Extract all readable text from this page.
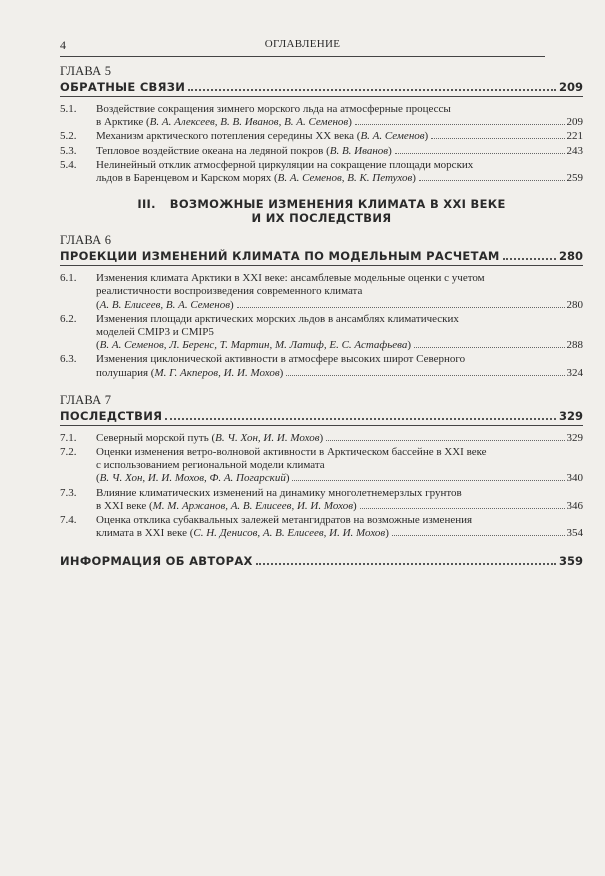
4	ОГЛАВЛЕНИЕ
ГЛАВА 5
ОБРАТНЫЕ СВЯЗИ	209
5.1.	Воздействие сокращения зимнего морского льда на атмосферные процессы
в Арктике (В. А. Алексеев, В. В. Иванов, В. А. Семенов)	209
5.2.	Механизм арктического потепления середины XX века (В. А. Семенов)	221
5.3.	Тепловое воздействие океана на ледяной покров (В. В. Иванов)	243
5.4.	Нелинейный отклик атмосферной циркуляции на сокращение площади морских
льдов в Баренцевом и Карском морях (В. А. Семенов, В. К. Петухов)	259
III. ВОЗМОЖНЫЕ ИЗМЕНЕНИЯ КЛИМАТА В XXI ВЕКЕ
И ИХ ПОСЛЕДСТВИЯ
ГЛАВА 6
ПРОЕКЦИИ ИЗМЕНЕНИЙ КЛИМАТА ПО МОДЕЛЬНЫМ РАСЧЕТАМ	280
6.1.	Изменения климата Арктики в XXI веке: ансамблевые модельные оценки с учетом
реалистичности воспроизведения современного климата
(А. В. Елисеев, В. А. Семенов)	280
6.2.	Изменения площади арктических морских льдов в ансамблях климатических
моделей CMIP3 и CMIP5
(В. А. Семенов, Л. Беренс, Т. Мартин, М. Латиф, Е. С. Астафьева)	288
6.3.	Изменения циклонической активности в атмосфере высоких широт Северного
полушария (М. Г. Акперов, И. И. Мохов)	324
ГЛАВА 7
ПОСЛЕДСТВИЯ	329
7.1.	Северный морской путь (В. Ч. Хон, И. И. Мохов)	329
7.2.	Оценки изменения ветро-волновой активности в Арктическом бассейне в XXI веке
с использованием региональной модели климата
(В. Ч. Хон, И. И. Мохов, Ф. А. Погарский)	340
7.3.	Влияние климатических изменений на динамику многолетнемерзлых грунтов
в XXI веке (М. М. Аржанов, А. В. Елисеев, И. И. Мохов)	346
7.4.	Оценка отклика субаквальных залежей метангидратов на возможные изменения
климата в XXI веке (С. Н. Денисов, А. В. Елисеев, И. И. Мохов)	354
ИНФОРМАЦИЯ ОБ АВТОРАХ	359
